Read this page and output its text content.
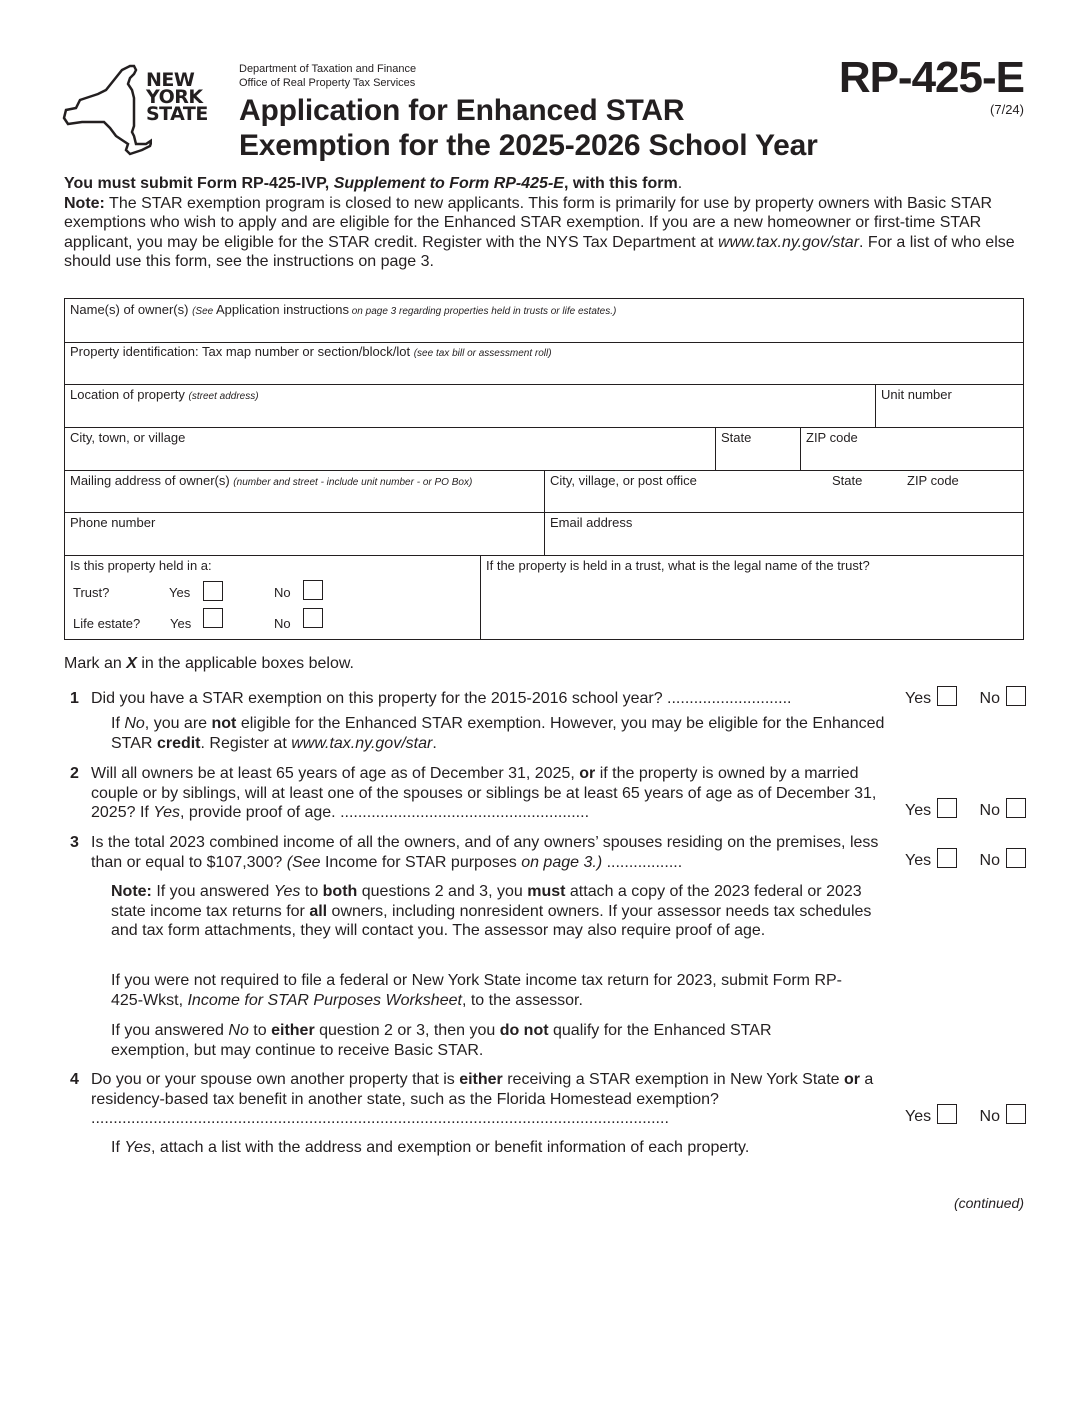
NEW
YORK
STATE
Department of Taxation and Finance
Office of Real Property Tax Services
Application for Enhanced STAR
Exemption for the 2025-2026 School Year
RP-425-E
(7/24)
You must submit Form RP-425-IVP, Supplement to Form RP-425-E, with this form.
Note: The STAR exemption program is closed to new applicants. This form is primarily for use by property owners with Basic STAR exemptions who wish to apply and are eligible for the Enhanced STAR exemption. If you are a new homeowner or first-time STAR applicant, you may be eligible for the STAR credit. Register with the NYS Tax Department at www.tax.ny.gov/star. For a list of who else should use this form, see the instructions on page 3.
Name(s) of owner(s) (See Application instructions on page 3 regarding properties held in trusts or life estates.)
Property identification: Tax map number or section/block/lot (see tax bill or assessment roll)
Location of property (street address)	Unit number
City, town, or village	State	ZIP code
Mailing address of owner(s) (number and street - include unit number - or PO Box)	City, village, or post office	State	ZIP code
Phone number	Email address
Is this property held in a:
Trust?	Yes	No
Life estate? Yes	No
If the property is held in a trust, what is the legal name of the trust?
Mark an X in the applicable boxes below.
1 Did you have a STAR exemption on this property for the 2015-2016 school year? ............................	Yes	No
If No, you are not eligible for the Enhanced STAR exemption. However, you may be eligible for the Enhanced STAR credit. Register at www.tax.ny.gov/star.
2 Will all owners be at least 65 years of age as of December 31, 2025, or if the property is owned by a married couple or by siblings, will at least one of the spouses or siblings be at least 65 years of age as of December 31, 2025? If Yes, provide proof of age. ........................................................	Yes	No
3 Is the total 2023 combined income of all the owners, and of any owners’ spouses residing on the premises, less than or equal to $107,300? (See Income for STAR purposes on page 3.) .................	Yes	No
Note: If you answered Yes to both questions 2 and 3, you must attach a copy of the 2023 federal or 2023 state income tax returns for all owners, including nonresident owners. If your assessor needs tax schedules and tax form attachments, they will contact you. The assessor may also require proof of age.
If you were not required to file a federal or New York State income tax return for 2023, submit Form RP-425-Wkst, Income for STAR Purposes Worksheet, to the assessor.
If you answered No to either question 2 or 3, then you do not qualify for the Enhanced STAR exemption, but may continue to receive Basic STAR.
4 Do you or your spouse own another property that is either receiving a STAR exemption in New York State or a residency-based tax benefit in another state, such as the Florida Homestead exemption? ..................................................................................................................................	Yes	No
If Yes, attach a list with the address and exemption or benefit information of each property.
(continued)
